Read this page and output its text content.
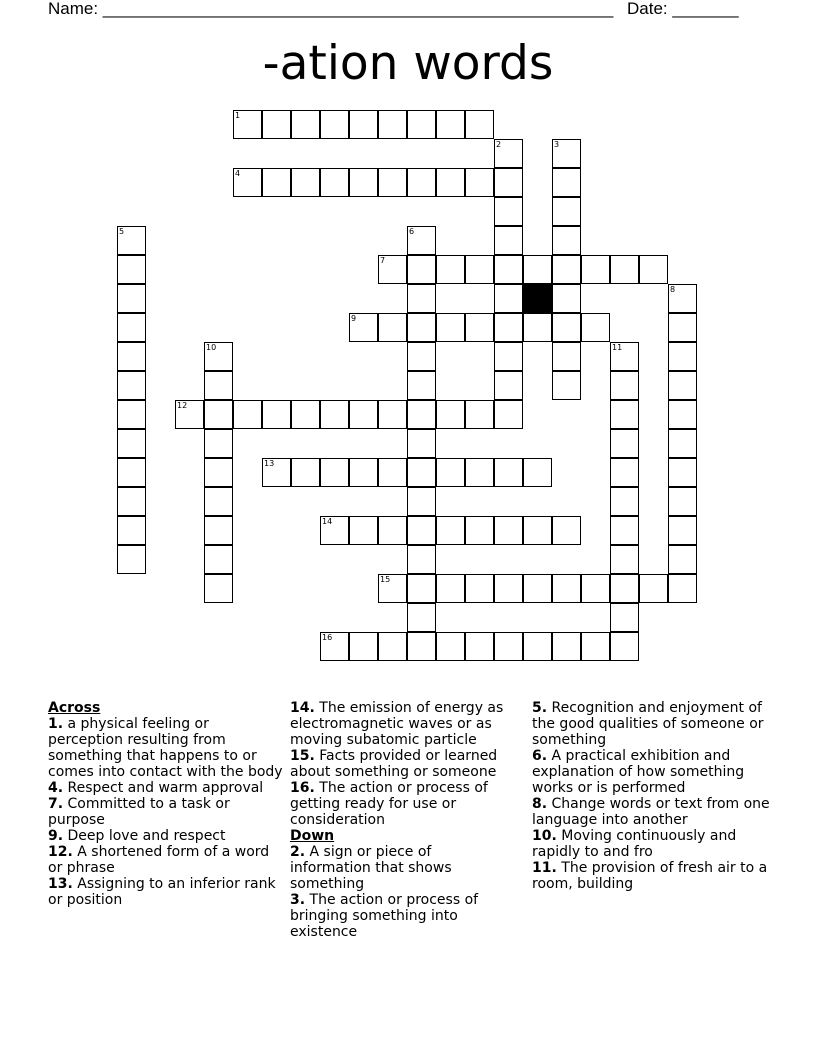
Name: ______________________________________________________ Date: _______
-ation words
1
2	3
4
5	6
7
8
9
10	11
12
13
14
15
16
Across
1. a physical feeling or perception resulting from something that happens to or comes into contact with the body
4. Respect and warm approval
7. Committed to a task or purpose
9. Deep love and respect
12. A shortened form of a word or phrase
13. Assigning to an inferior rank or position
14. The emission of energy as electromagnetic waves or as moving subatomic particle
15. Facts provided or learned about something or someone
16. The action or process of getting ready for use or consideration
Down
2. A sign or piece of information that shows something
3. The action or process of bringing something into existence
5. Recognition and enjoyment of the good qualities of someone or something
6. A practical exhibition and explanation of how something works or is performed
8. Change words or text from one language into another
10. Moving continuously and rapidly to and fro
11. The provision of fresh air to a room, building
